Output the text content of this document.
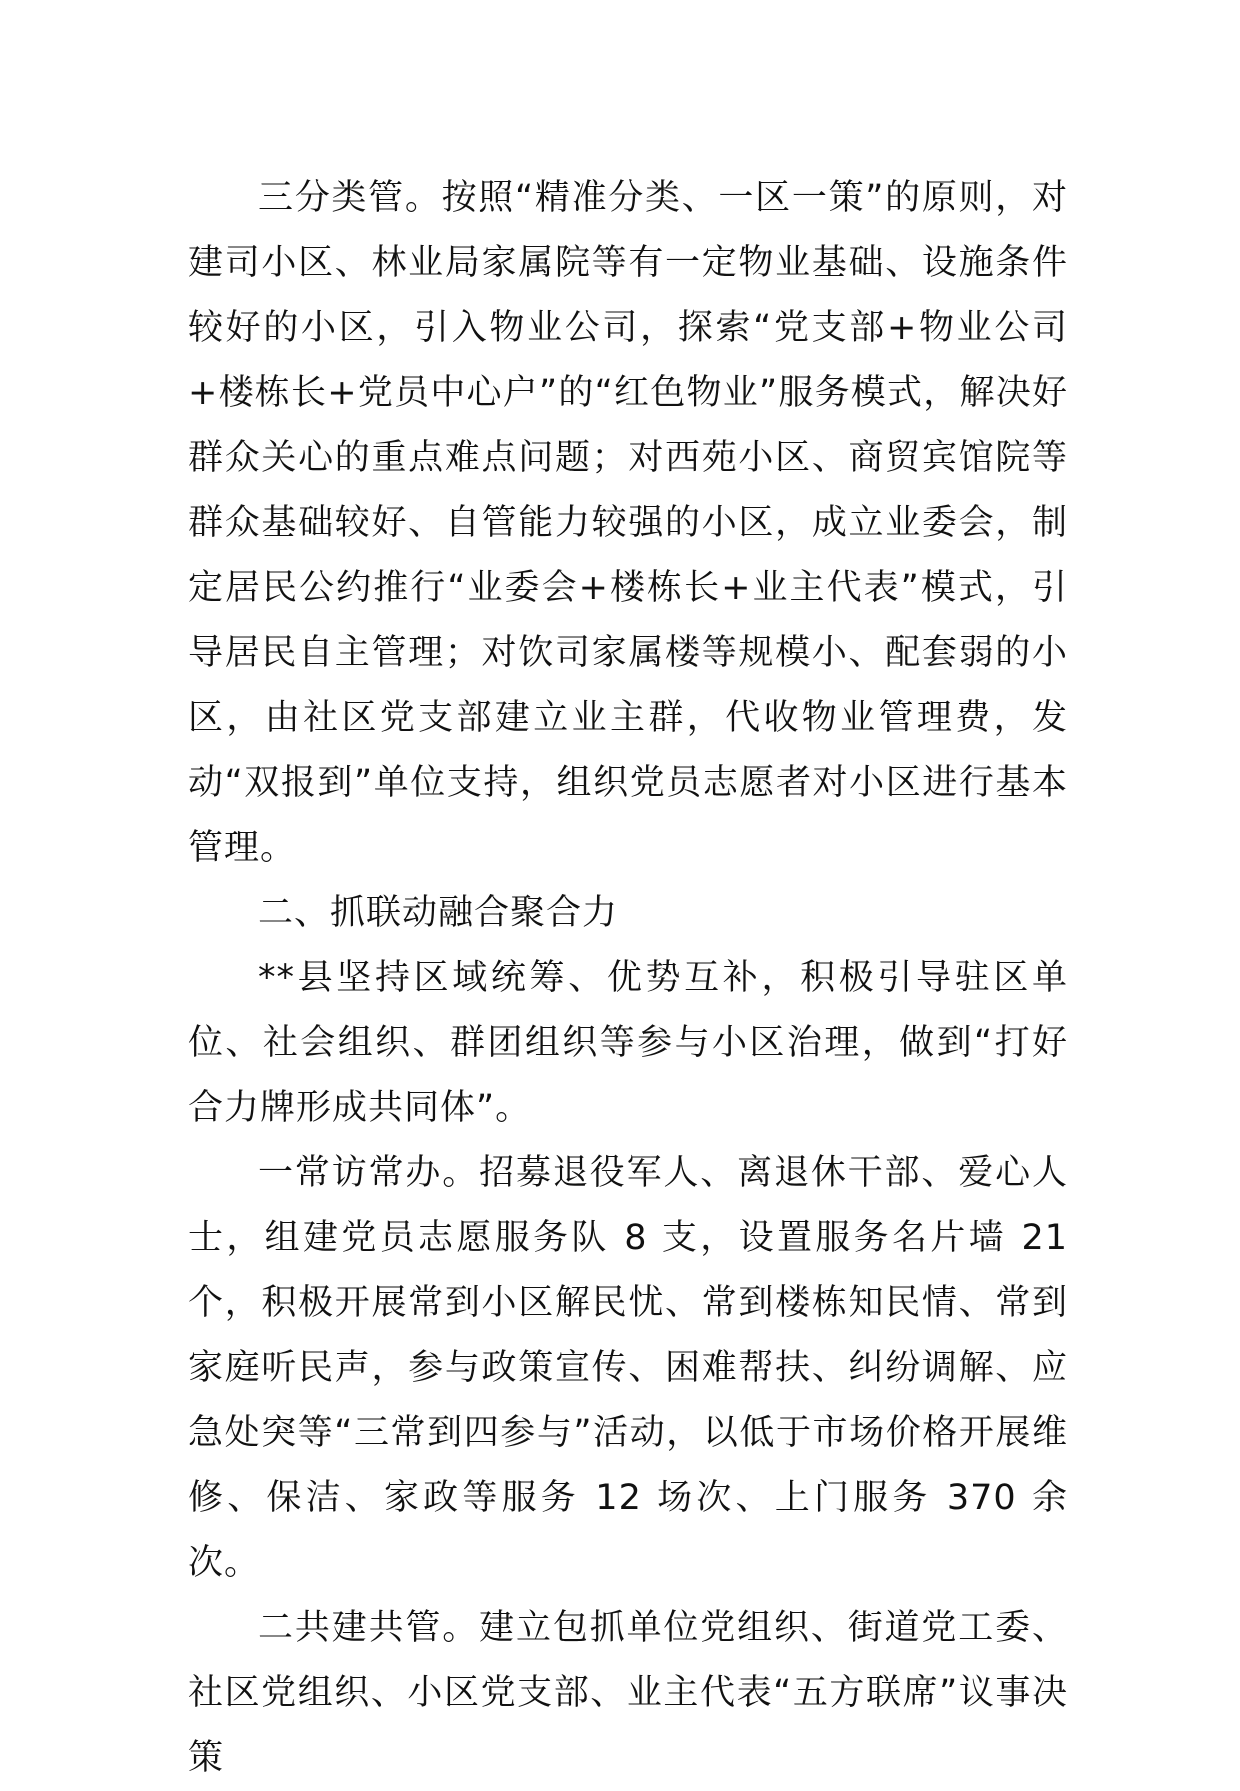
三分类管。按照“精准分类、一区一策”的原则，对建司小区、林业局家属院等有一定物业基础、设施条件较好的小区，引入物业公司，探索“党支部+物业公司+楼栋长+党员中心户”的“红色物业”服务模式，解决好群众关心的重点难点问题；对西苑小区、商贸宾馆院等群众基础较好、自管能力较强的小区，成立业委会，制定居民公约推行“业委会+楼栋长+业主代表”模式，引导居民自主管理；对饮司家属楼等规模小、配套弱的小区，由社区党支部建立业主群，代收物业管理费，发动“双报到”单位支持，组织党员志愿者对小区进行基本管理。

二、抓联动融合聚合力

**县坚持区域统筹、优势互补，积极引导驻区单位、社会组织、群团组织等参与小区治理，做到“打好合力牌形成共同体”。

一常访常办。招募退役军人、离退休干部、爱心人士，组建党员志愿服务队 8 支，设置服务名片墙 21 个，积极开展常到小区解民忧、常到楼栋知民情、常到家庭听民声，参与政策宣传、困难帮扶、纠纷调解、应急处突等“三常到四参与”活动，以低于市场价格开展维修、保洁、家政等服务 12 场次、上门服务 370 余次。

二共建共管。建立包抓单位党组织、街道党工委、社区党组织、小区党支部、业主代表“五方联席”议事决策
